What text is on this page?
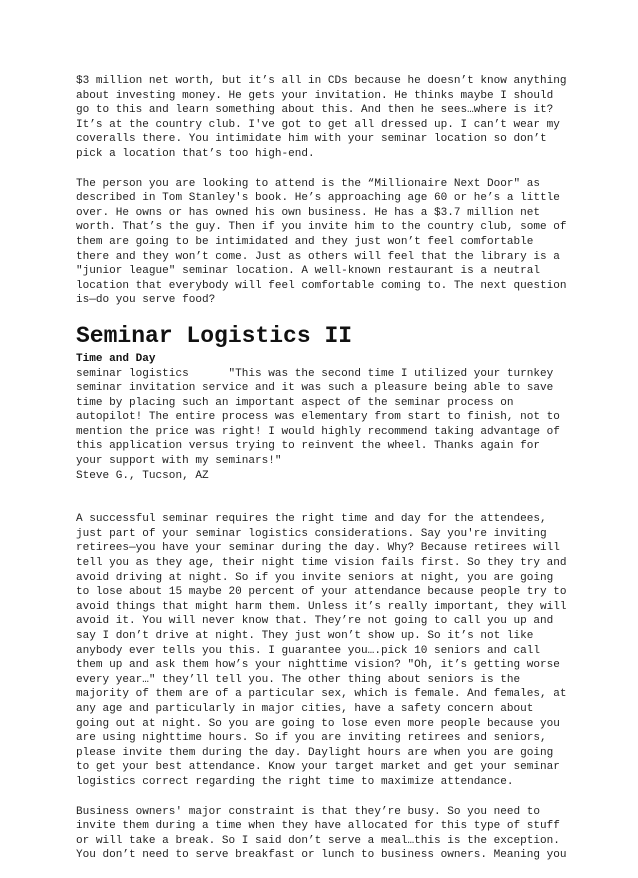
$3 million net worth, but it’s all in CDs because he doesn’t know anything
about investing money. He gets your invitation. He thinks maybe I should
go to this and learn something about this. And then he sees…where is it?
It’s at the country club. I've got to get all dressed up. I can’t wear my
coveralls there. You intimidate him with your seminar location so don’t
pick a location that’s too high-end.
The person you are looking to attend is the “Millionaire Next Door" as
described in Tom Stanley's book. He’s approaching age 60 or he’s a little
over. He owns or has owned his own business. He has a $3.7 million net
worth. That’s the guy. Then if you invite him to the country club, some of
them are going to be intimidated and they just won’t feel comfortable
there and they won’t come. Just as others will feel that the library is a
"junior league" seminar location. A well-known restaurant is a neutral
location that everybody will feel comfortable coming to. The next question
is—do you serve food?
Seminar Logistics II
Time and Day
seminar logistics      "This was the second time I utilized your turnkey
seminar invitation service and it was such a pleasure being able to save
time by placing such an important aspect of the seminar process on
autopilot! The entire process was elementary from start to finish, not to
mention the price was right! I would highly recommend taking advantage of
this application versus trying to reinvent the wheel. Thanks again for
your support with my seminars!"
Steve G., Tucson, AZ
A successful seminar requires the right time and day for the attendees,
just part of your seminar logistics considerations. Say you're inviting
retirees—you have your seminar during the day. Why? Because retirees will
tell you as they age, their night time vision fails first. So they try and
avoid driving at night. So if you invite seniors at night, you are going
to lose about 15 maybe 20 percent of your attendance because people try to
avoid things that might harm them. Unless it’s really important, they will
avoid it. You will never know that. They’re not going to call you up and
say I don’t drive at night. They just won’t show up. So it’s not like
anybody ever tells you this. I guarantee you….pick 10 seniors and call
them up and ask them how’s your nighttime vision? "Oh, it’s getting worse
every year…" they’ll tell you. The other thing about seniors is the
majority of them are of a particular sex, which is female. And females, at
any age and particularly in major cities, have a safety concern about
going out at night. So you are going to lose even more people because you
are using nighttime hours. So if you are inviting retirees and seniors,
please invite them during the day. Daylight hours are when you are going
to get your best attendance. Know your target market and get your seminar
logistics correct regarding the right time to maximize attendance.
Business owners' major constraint is that they’re busy. So you need to
invite them during a time when they have allocated for this type of stuff
or will take a break. So I said don’t serve a meal…this is the exception.
You don’t need to serve breakfast or lunch to business owners. Meaning you
